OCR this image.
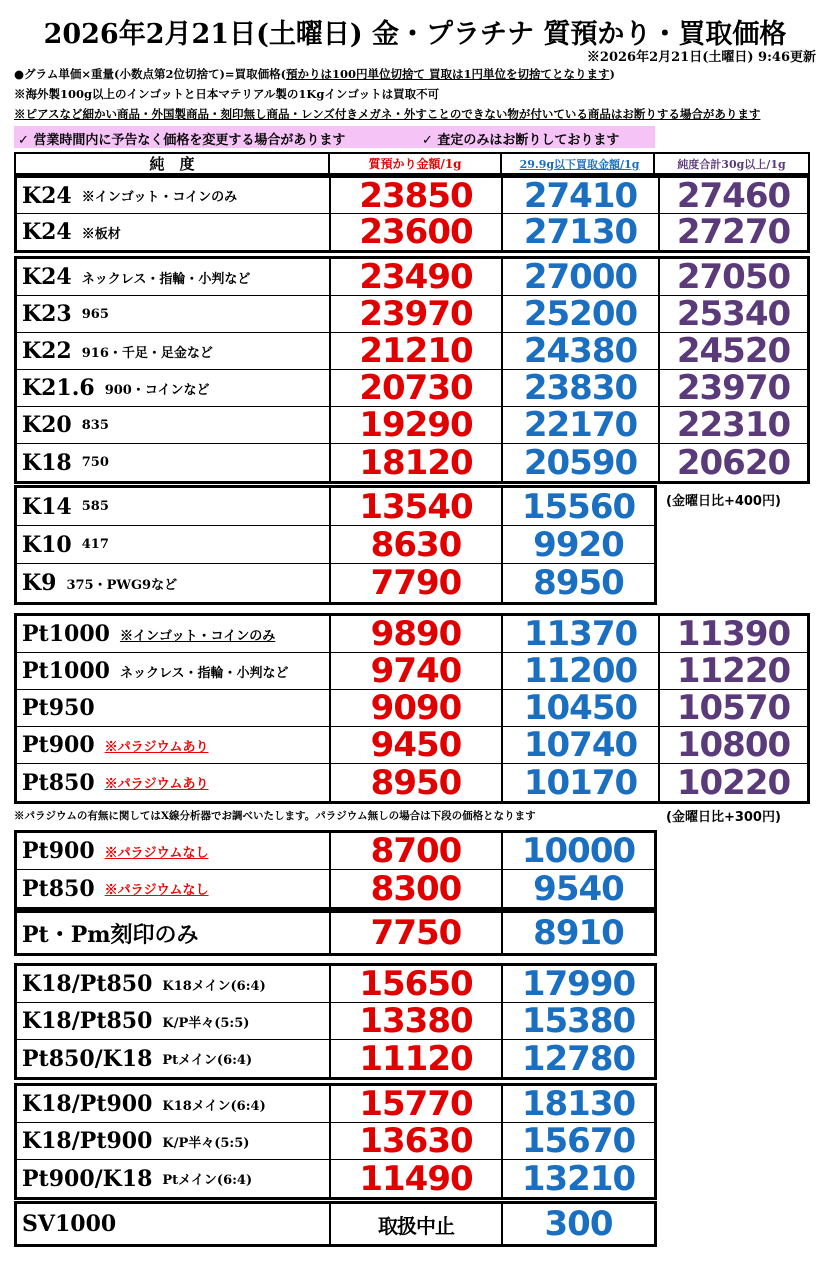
2026年2月21日(土曜日) 金・プラチナ 質預かり・買取価格
※2026年2月21日(土曜日) 9:46更新
●グラム単価×重量(小数点第2位切捨て)=買取価格(預かりは100円単位切捨て 買取は1円単位を切捨てとなります)
※海外製100g以上のインゴットと日本マテリアル製の1Kgインゴットは買取不可
※ピアスなど細かい商品・外国製商品・刻印無し商品・レンズ付きメガネ・外すことのできない物が付いている商品はお断りする場合があります
✓ 営業時間内に予告なく価格を変更する場合があります	✓ 査定のみはお断りしております
純　度	質預かり金額/1g	29.9g以下買取金額/1g	純度合計30g以上/1g
K24 ※インゴット・コインのみ	23850	27410	27460
K24 ※板材	23600	27130	27270
K24 ネックレス・指輪・小判など	23490	27000	27050
K23 965	23970	25200	25340
K22 916・千足・足金など	21210	24380	24520
K21.6 900・コインなど	20730	23830	23970
K20 835	19290	22170	22310
K18 750	18120	20590	20620
K14 585	13540	15560
K10 417	8630	9920
K9 375・PWG9など	7790	8950
Pt1000 ※インゴット・コインのみ	9890	11370	11390
Pt1000 ネックレス・指輪・小判など	9740	11200	11220
Pt950	9090	10450	10570
Pt900 ※パラジウムあり	9450	10740	10800
Pt850 ※パラジウムあり	8950	10170	10220
Pt900 ※パラジウムなし	8700	10000
Pt850 ※パラジウムなし	8300	9540
Pt・Pm刻印のみ	7750	8910
K18/Pt850 K18メイン(6:4)	15650	17990
K18/Pt850 K/P半々(5:5)	13380	15380
Pt850/K18 Ptメイン(6:4)	11120	12780
K18/Pt900 K18メイン(6:4)	15770	18130
K18/Pt900 K/P半々(5:5)	13630	15670
Pt900/K18 Ptメイン(6:4)	11490	13210
SV1000	取扱中止	300
(金曜日比+400円)
※パラジウムの有無に関してはX線分析器でお調べいたします。パラジウム無しの場合は下段の価格となります	(金曜日比+300円)
